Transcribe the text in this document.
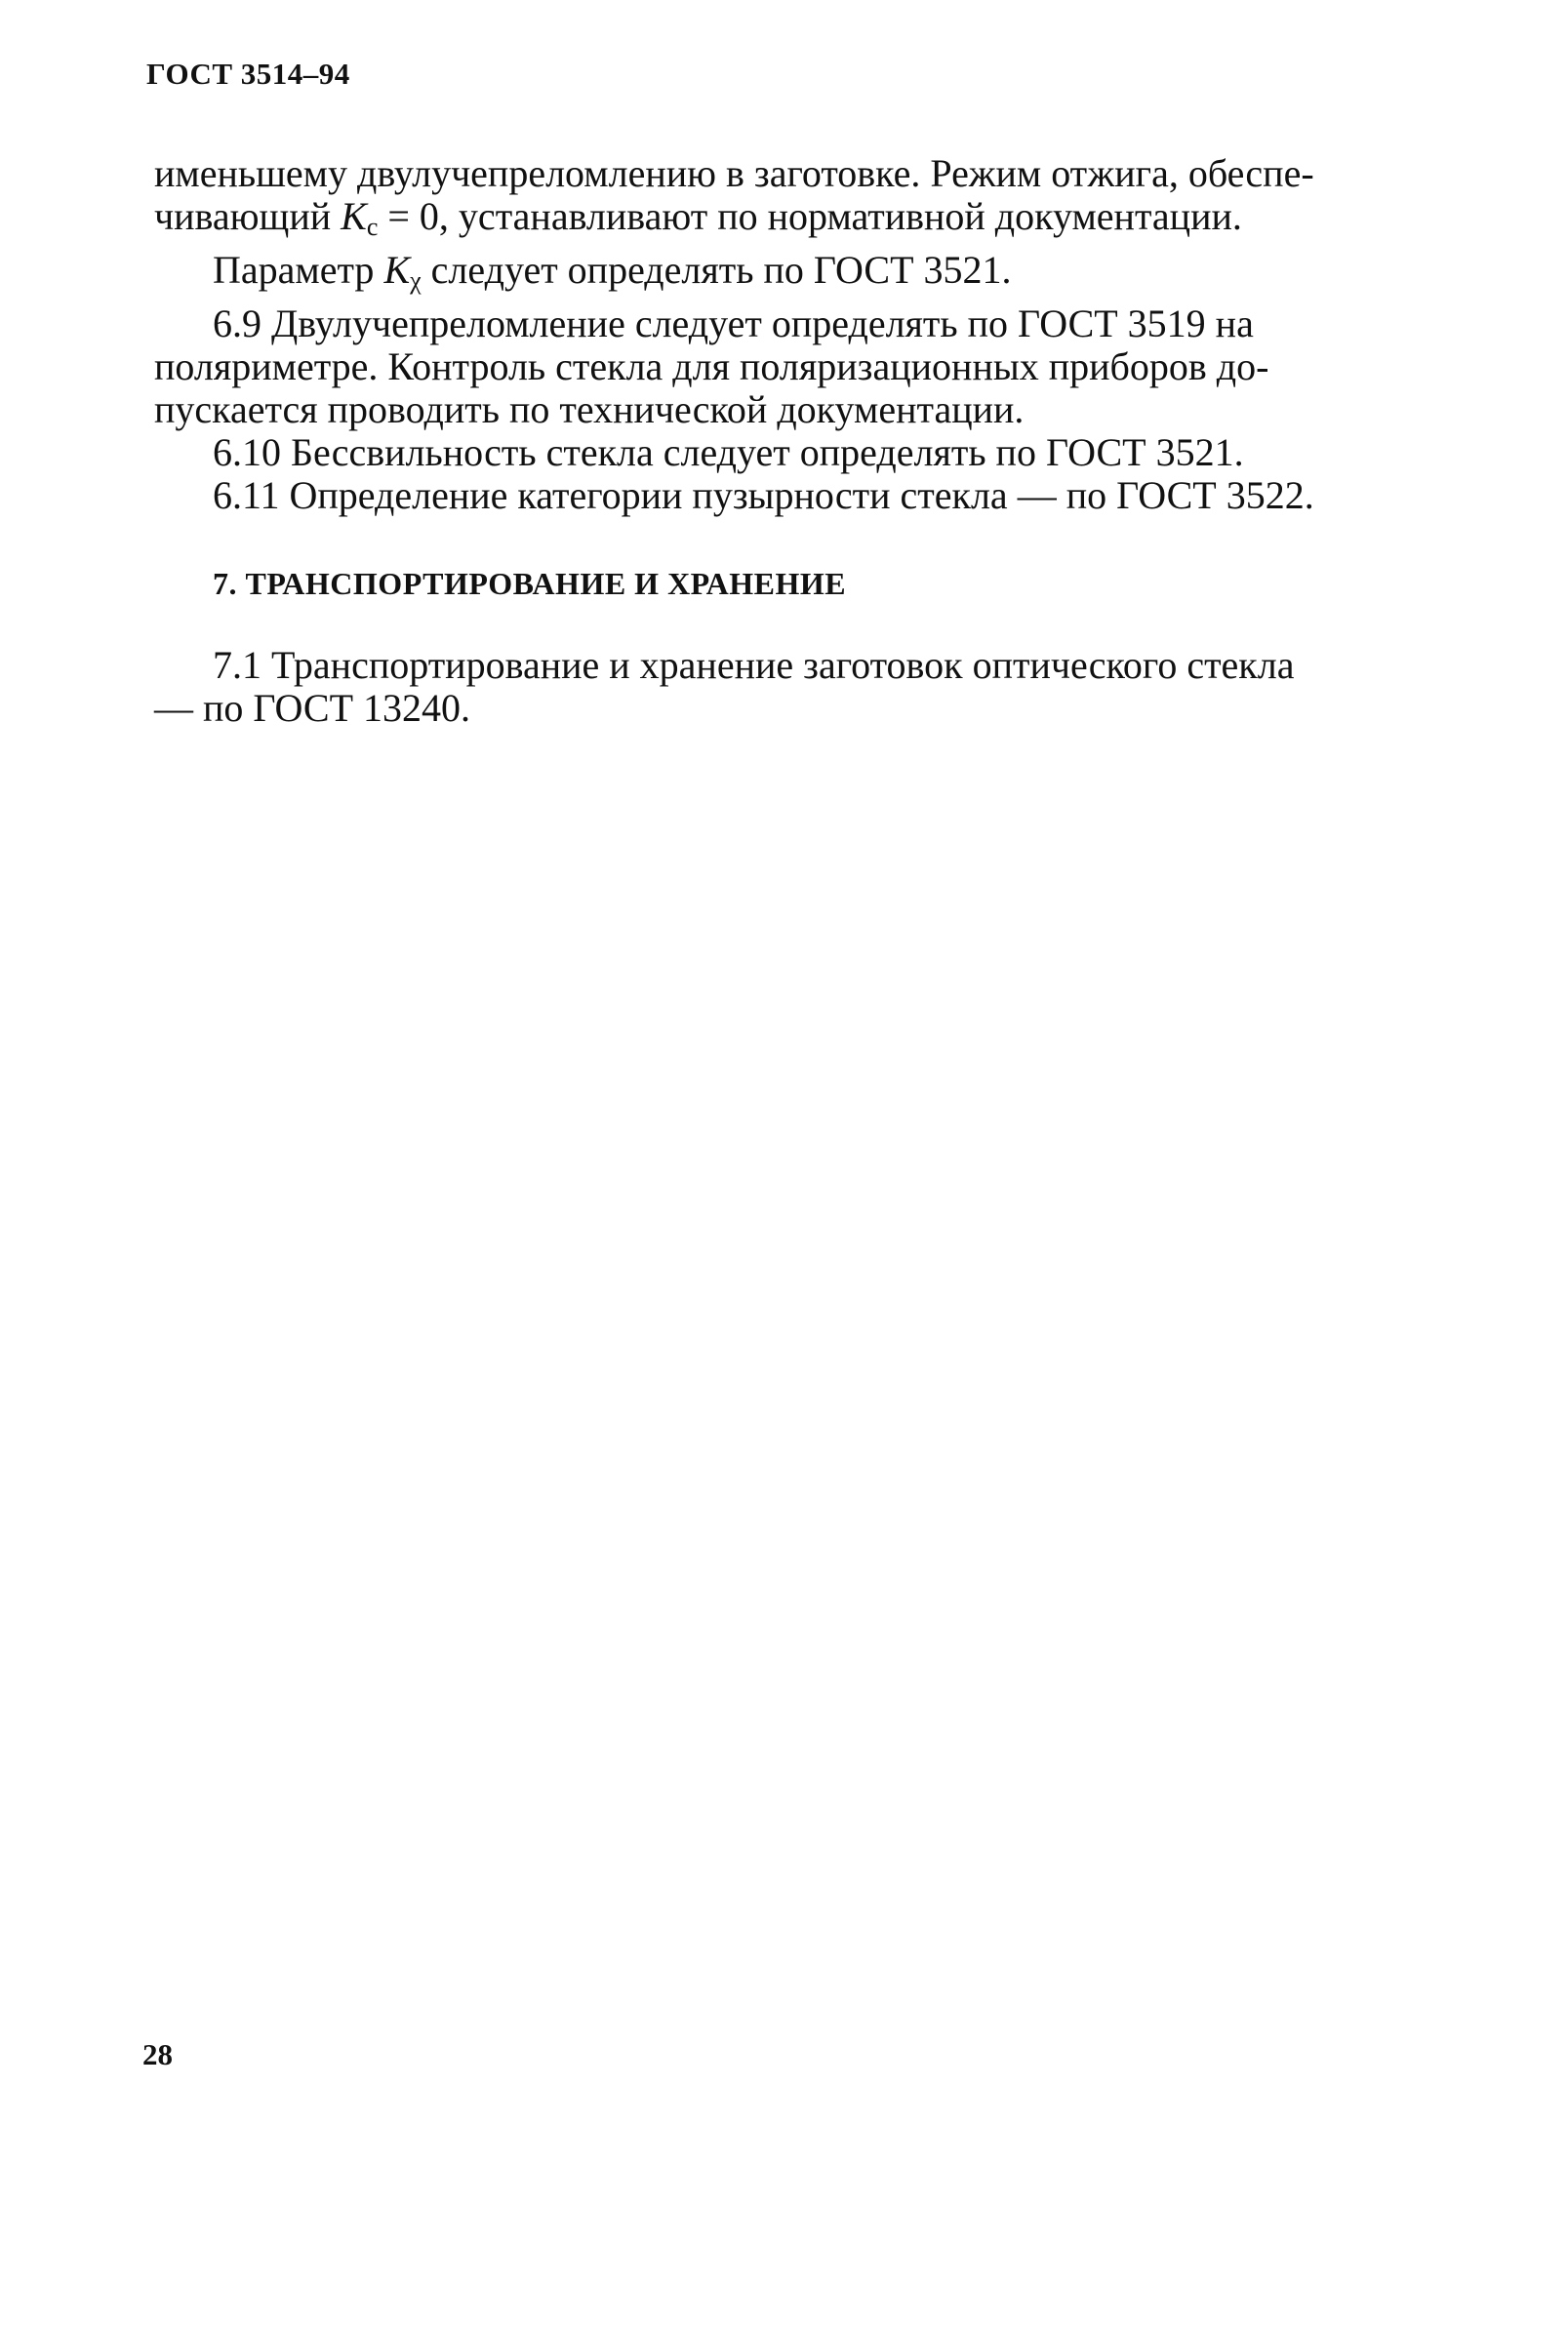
ГОСТ 3514–94

именьшему двулучепреломлению в заготовке. Режим отжига, обеспе-
чивающий $K_c = 0$, устанавливают по нормативной документации.

Параметр $K_\chi$ следует определять по ГОСТ 3521.

6.9 Двулучепреломление следует определять по ГОСТ 3519 на
поляриметре. Контроль стекла для поляризационных приборов до-
пускается проводить по технической документации.

6.10 Бессвильность стекла следует определять по ГОСТ 3521.

6.11 Определение категории пузырности стекла — по ГОСТ 3522.

7. ТРАНСПОРТИРОВАНИЕ И ХРАНЕНИЕ

7.1 Транспортирование и хранение заготовок оптического стекла
— по ГОСТ 13240.

28
